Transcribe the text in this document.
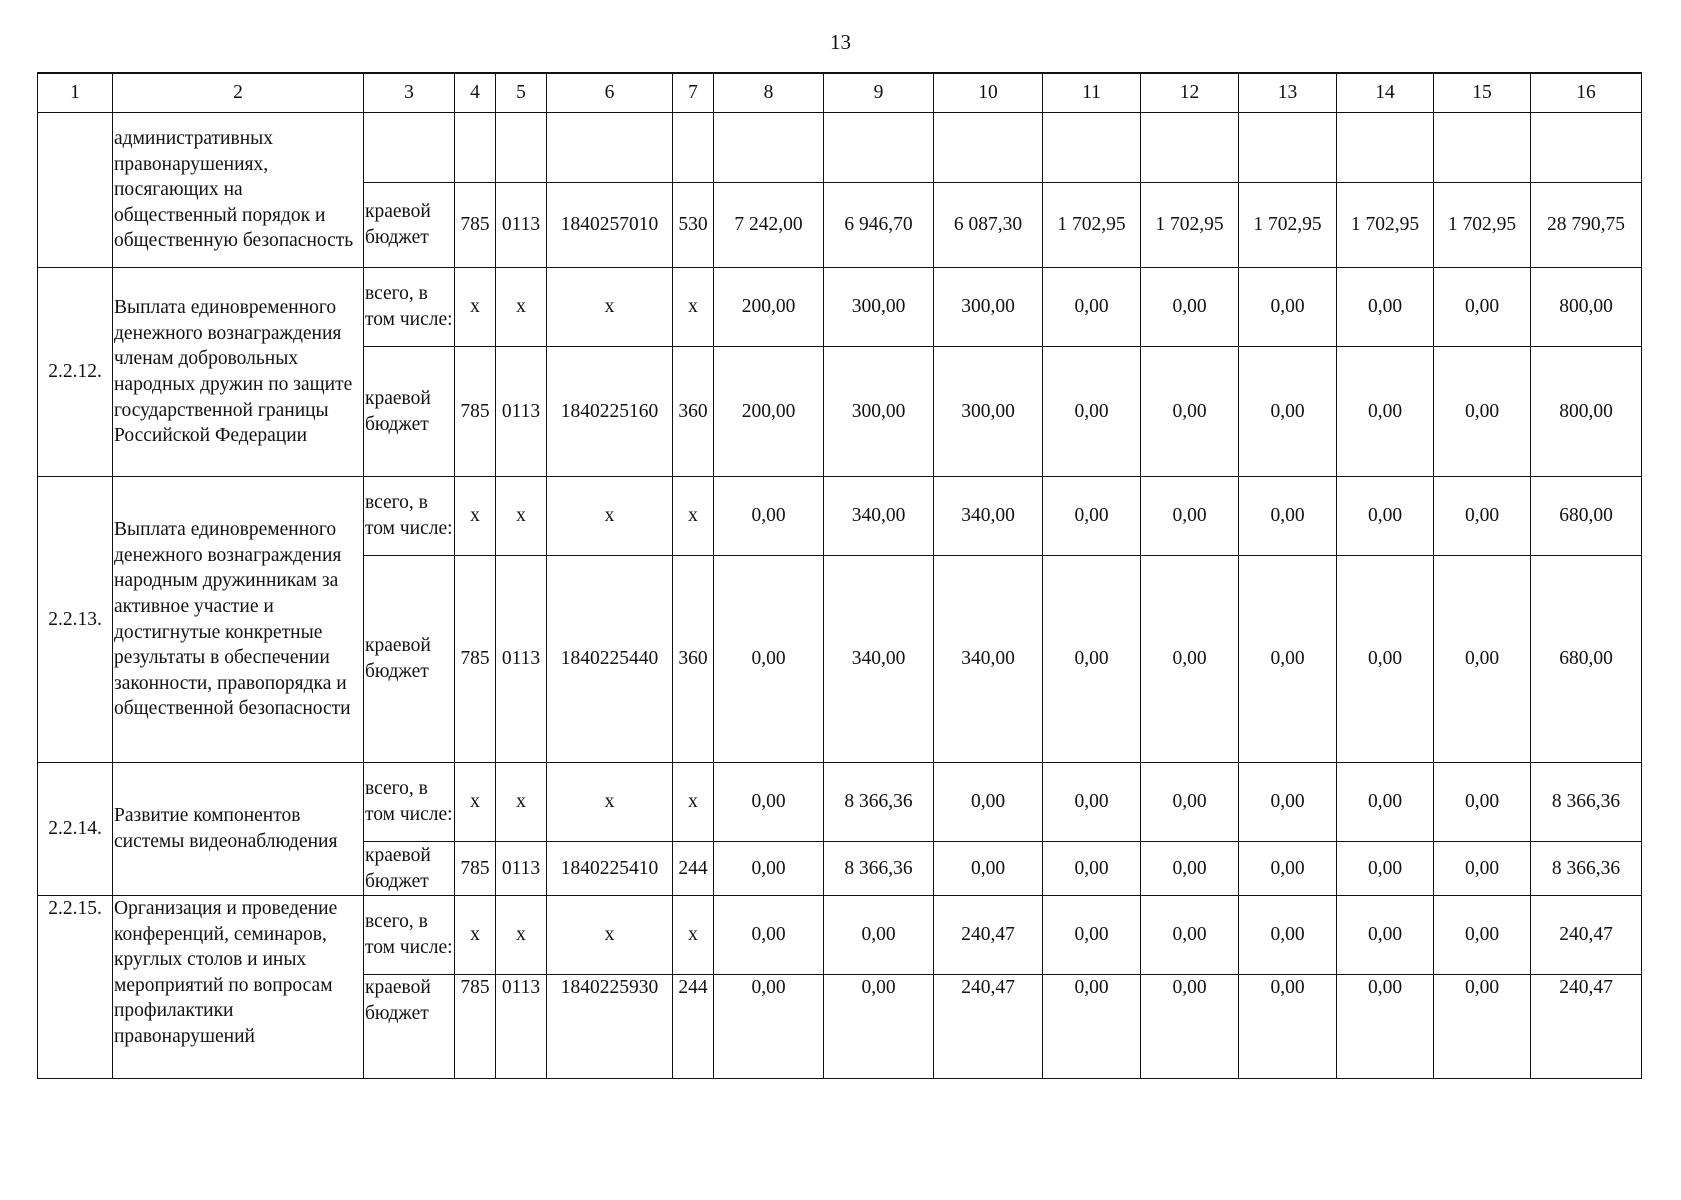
13
1	2	3	4	5	6	7	8	9	10	11	12	13	14	15	16
	административных правонарушениях, посягающих на общественный порядок и общественную безопасность														
		краевой бюджет	785	0113	1840257010	530	7 242,00	6 946,70	6 087,30	1 702,95	1 702,95	1 702,95	1 702,95	1 702,95	28 790,75
2.2.12.	Выплата единовременного денежного вознаграждения членам добровольных народных дружин по защите государственной границы Российской Федерации	всего, в том числе:	х	х	х	х	200,00	300,00	300,00	0,00	0,00	0,00	0,00	0,00	800,00
		краевой бюджет	785	0113	1840225160	360	200,00	300,00	300,00	0,00	0,00	0,00	0,00	0,00	800,00
2.2.13.	Выплата единовременного денежного вознаграждения народным дружинникам за активное участие и достигнутые конкретные результаты в обеспечении законности, правопорядка и общественной безопасности	всего, в том числе:	х	х	х	х	0,00	340,00	340,00	0,00	0,00	0,00	0,00	0,00	680,00
		краевой бюджет	785	0113	1840225440	360	0,00	340,00	340,00	0,00	0,00	0,00	0,00	0,00	680,00
2.2.14.	Развитие компонентов системы видеонаблюдения	всего, в том числе:	х	х	х	х	0,00	8 366,36	0,00	0,00	0,00	0,00	0,00	0,00	8 366,36
		краевой бюджет	785	0113	1840225410	244	0,00	8 366,36	0,00	0,00	0,00	0,00	0,00	0,00	8 366,36
2.2.15.	Организация и проведение конференций, семинаров, круглых столов и иных мероприятий по вопросам профилактики правонарушений	всего, в том числе:	х	х	х	х	0,00	0,00	240,47	0,00	0,00	0,00	0,00	0,00	240,47
		краевой бюджет	785	0113	1840225930	244	0,00	0,00	240,47	0,00	0,00	0,00	0,00	0,00	240,47
